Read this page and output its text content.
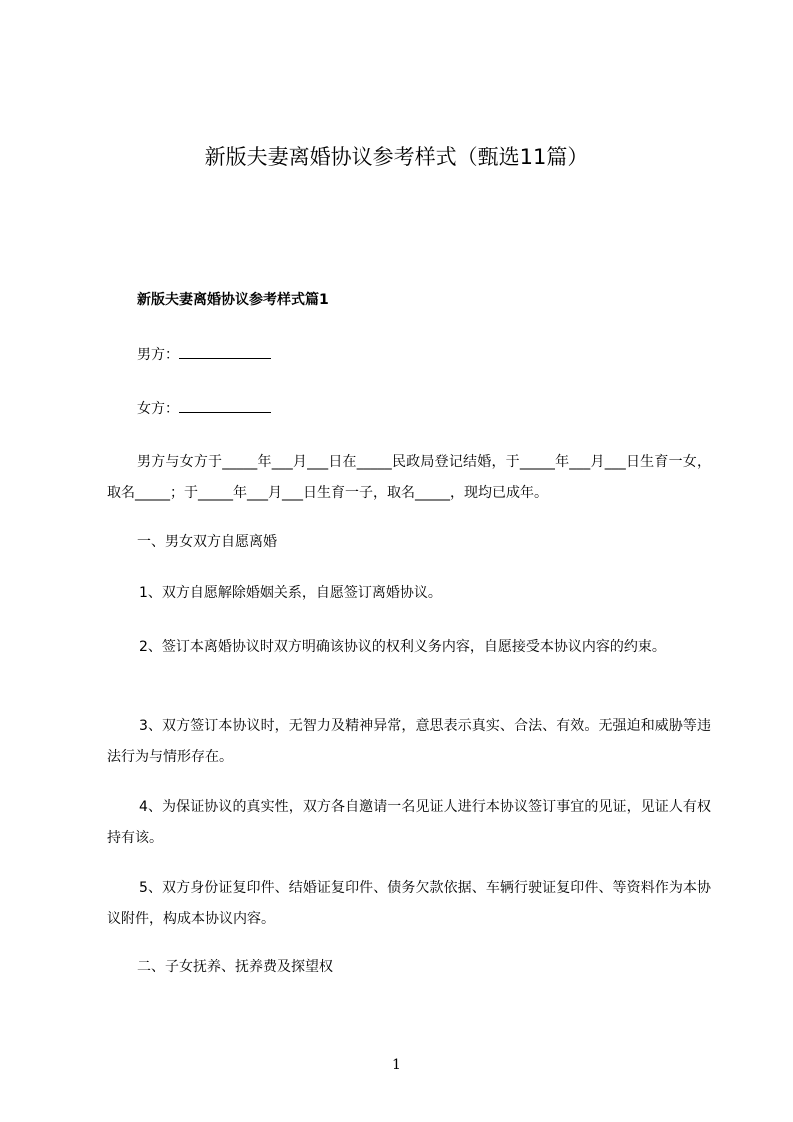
新版夫妻离婚协议参考样式（甄选11篇）
新版夫妻离婚协议参考样式篇1
男方：
女方：
男方与女方于_____年___月___日在_____民政局登记结婚，于_____年___月___日生育一女，取名_____；于_____年___月___日生育一子，取名_____，现均已成年。
一、男女双方自愿离婚
1、双方自愿解除婚姻关系，自愿签订离婚协议。
2、签订本离婚协议时双方明确该协议的权利义务内容，自愿接受本协议内容的约束。
3、双方签订本协议时，无智力及精神异常，意思表示真实、合法、有效。无强迫和威胁等违法行为与情形存在。
4、为保证协议的真实性，双方各自邀请一名见证人进行本协议签订事宜的见证，见证人有权持有该。
5、双方身份证复印件、结婚证复印件、债务欠款依据、车辆行驶证复印件、等资料作为本协议附件，构成本协议内容。
二、子女抚养、抚养费及探望权
1
